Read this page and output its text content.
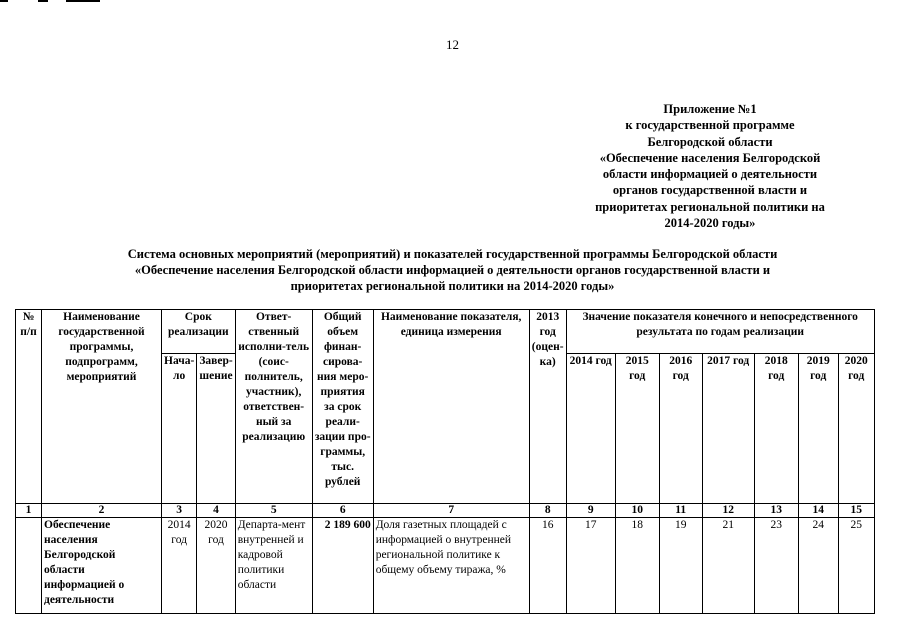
12
Приложение №1
к государственной программе
Белгородской области
«Обеспечение населения Белгородской
области информацией о деятельности
органов государственной власти и
приоритетах региональной политики на
2014-2020 годы»
Система основных мероприятий (мероприятий) и показателей государственной программы Белгородской области
«Обеспечение населения Белгородской области информацией о деятельности органов государственной власти и
приоритетах региональной политики на 2014-2020 годы»
№ п/п	Наименование государственной программы, подпрограмм, мероприятий	Срок реализации		Ответ-ственный исполни-тель (соис-полнитель, участник), ответствен-ный за реализацию	Общий объем финан-сирова-ния меро-приятия за срок реали-зации про-граммы, тыс. рублей	Наименование показателя, единица измерения	2013 год (оцен-ка)	Значение показателя конечного и непосредственного результата по годам реализации						
		Нача-ло	Завер-шение					2014 год	2015 год	2016 год	2017 год	2018 год	2019 год	2020 год
1	2	3	4	5	6	7	8	9	10	11	12	13	14	15
	Обеспечение населения Белгородской области информацией о деятельности	2014 год	2020 год	Департа-мент внутренней и кадровой политики области	2 189 600	Доля газетных площадей с информацией о внутренней региональной политике к общему объему тиража, %	16	17	18	19	21	23	24	25
